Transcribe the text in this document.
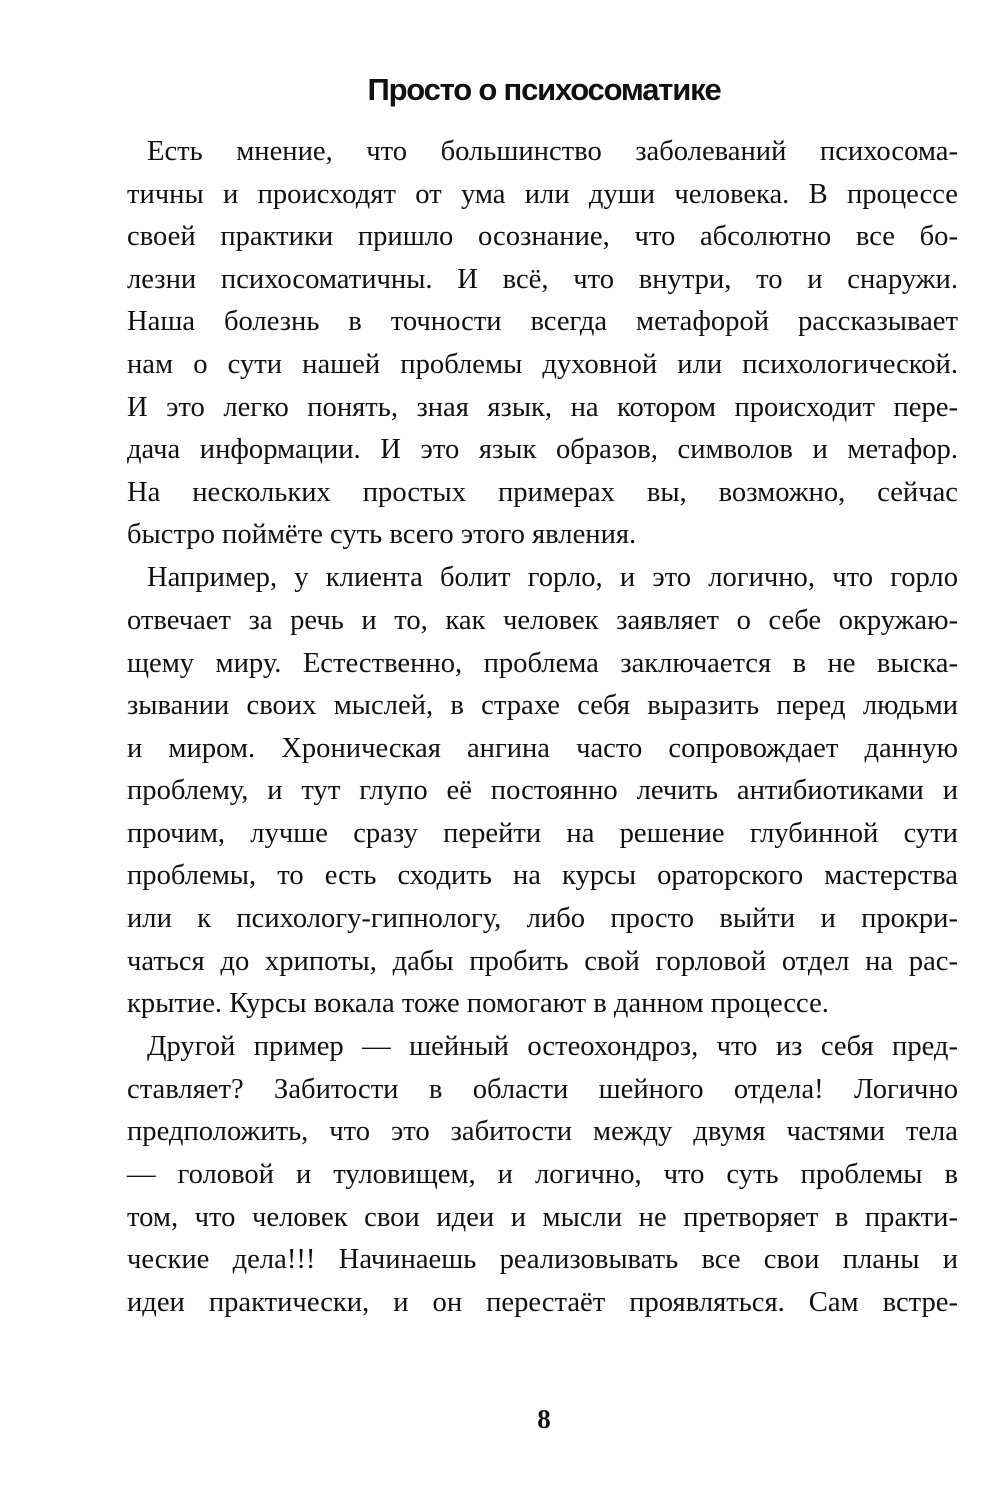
Просто о психосоматике
Есть мнение, что большинство заболеваний психосома-
тичны и происходят от ума или души человека. В процессе
своей практики пришло осознание, что абсолютно все бо-
лезни психосоматичны. И всё, что внутри, то и снаружи.
Наша болезнь в точности всегда метафорой рассказывает
нам о сути нашей проблемы духовной или психологической.
И это легко понять, зная язык, на котором происходит пере-
дача информации. И это язык образов, символов и метафор.
На нескольких простых примерах вы, возможно, сейчас
быстро поймёте суть всего этого явления.
Например, у клиента болит горло, и это логично, что горло
отвечает за речь и то, как человек заявляет о себе окружаю-
щему миру. Естественно, проблема заключается в не выска-
зывании своих мыслей, в страхе себя выразить перед людьми
и миром. Хроническая ангина часто сопровождает данную
проблему, и тут глупо её постоянно лечить антибиотиками и
прочим, лучше сразу перейти на решение глубинной сути
проблемы, то есть сходить на курсы ораторского мастерства
или к психологу-гипнологу, либо просто выйти и прокри-
чаться до хрипоты, дабы пробить свой горловой отдел на рас-
крытие. Курсы вокала тоже помогают в данном процессе.
Другой пример — шейный остеохондроз, что из себя пред-
ставляет? Забитости в области шейного отдела! Логично
предположить, что это забитости между двумя частями тела
— головой и туловищем, и логично, что суть проблемы в
том, что человек свои идеи и мысли не претворяет в практи-
ческие дела!!! Начинаешь реализовывать все свои планы и
идеи практически, и он перестаёт проявляться. Сам встре-
8
